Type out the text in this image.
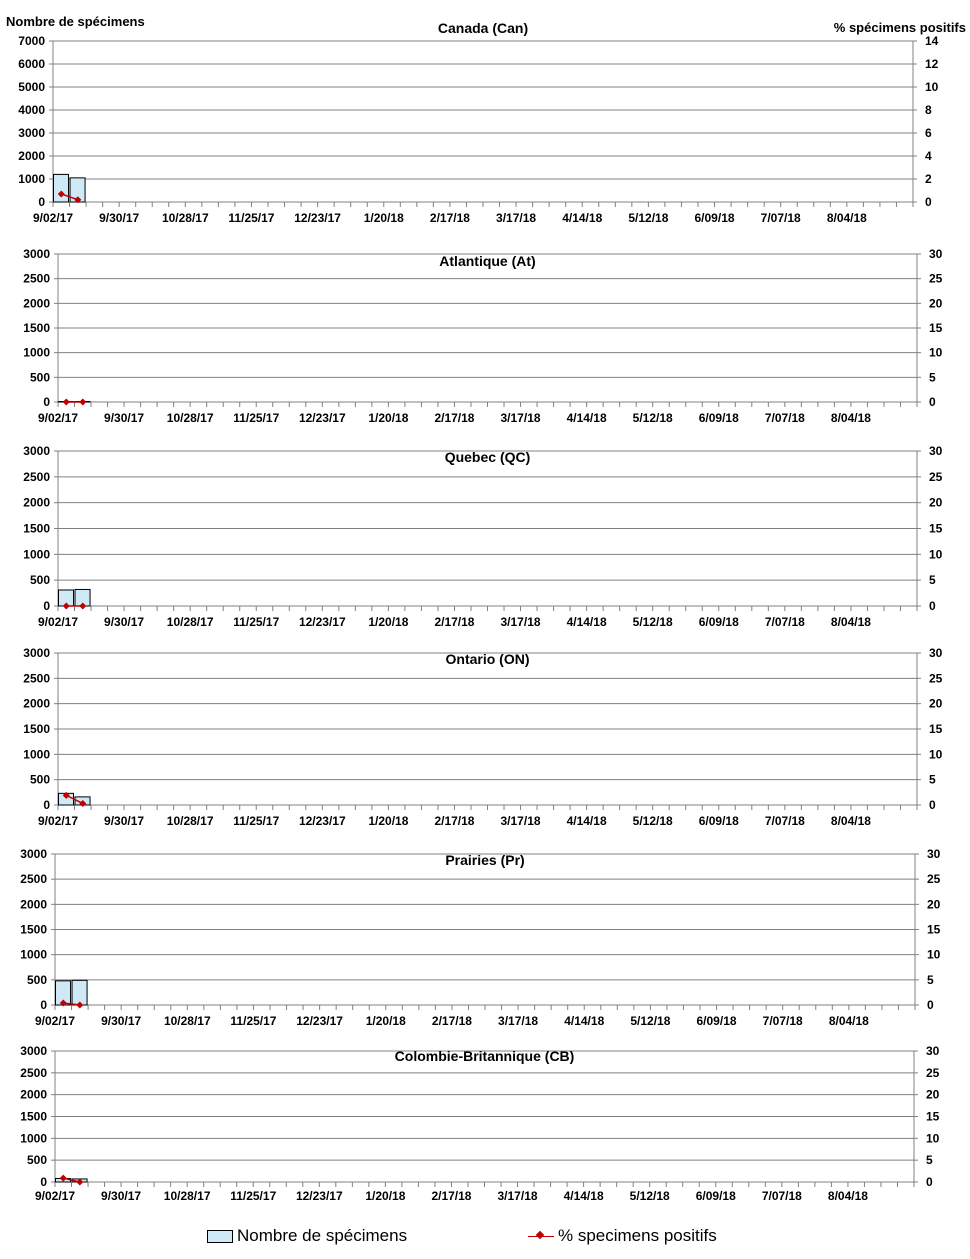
Nombre de spécimens	% spécimens positifs
0
1000
2000
3000
4000
5000
6000
7000
0
2
4
6
8
10
12
14
9/02/17 9/30/17 10/28/17 11/25/17 12/23/17 1/20/18 2/17/18 3/17/18 4/14/18 5/12/18 6/09/18 7/07/18 8/04/18
Canada (Can)
0
500
1000
1500
2000
2500
3000
0
5
10
15
20
25
30
9/02/17 9/30/17 10/28/17 11/25/17 12/23/17 1/20/18 2/17/18 3/17/18 4/14/18 5/12/18 6/09/18 7/07/18 8/04/18
Atlantique (At)
0
500
1000
1500
2000
2500
3000
0
5
10
15
20
25
30
9/02/17 9/30/17 10/28/17 11/25/17 12/23/17 1/20/18 2/17/18 3/17/18 4/14/18 5/12/18 6/09/18 7/07/18 8/04/18
Quebec (QC)
0
500
1000
1500
2000
2500
3000
0
5
10
15
20
25
30
9/02/17 9/30/17 10/28/17 11/25/17 12/23/17 1/20/18 2/17/18 3/17/18 4/14/18 5/12/18 6/09/18 7/07/18 8/04/18
Ontario (ON)
0
500
1000
1500
2000
2500
3000
0
5
10
15
20
25
30
9/02/17 9/30/17 10/28/17 11/25/17 12/23/17 1/20/18 2/17/18 3/17/18 4/14/18 5/12/18 6/09/18 7/07/18 8/04/18
Prairies (Pr)
0
500
1000
1500
2000
2500
3000
0
5
10
15
20
25
30
9/02/17 9/30/17 10/28/17 11/25/17 12/23/17 1/20/18 2/17/18 3/17/18 4/14/18 5/12/18 6/09/18 7/07/18 8/04/18
Colombie-Britannique (CB)
Nombre de spécimens	% specimens positifs
